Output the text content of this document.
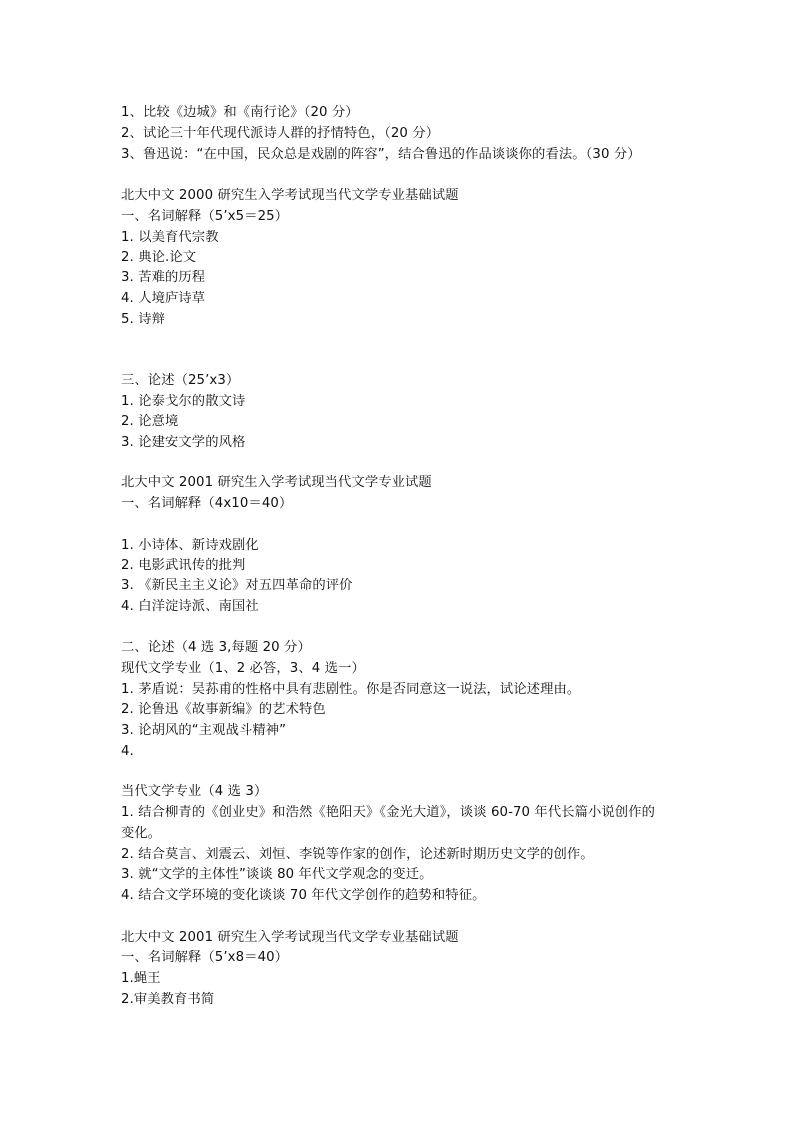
1、比较《边城》和《南行论》（20 分）
2、试论三十年代现代派诗人群的抒情特色，（20 分）
3、鲁迅说：“在中国，民众总是戏剧的阵容”，结合鲁迅的作品谈谈你的看法。（30 分）
北大中文 2000 研究生入学考试现当代文学专业基础试题
一、名词解释（5’x5＝25）
1. 以美育代宗教
2. 典论.论文
3. 苦难的历程
4. 人境庐诗草
5. 诗辩
三、论述（25’x3）
1. 论泰戈尔的散文诗
2. 论意境
3. 论建安文学的风格
北大中文 2001 研究生入学考试现当代文学专业试题
一、名词解释（4x10＝40）
1. 小诗体、新诗戏剧化
2. 电影武讯传的批判
3. 《新民主主义论》对五四革命的评价
4. 白洋淀诗派、南国社
二、论述（4 选 3,每题 20 分）
现代文学专业（1、2 必答，3、4 选一）
1. 茅盾说：吴荪甫的性格中具有悲剧性。你是否同意这一说法，试论述理由。
2. 论鲁迅《故事新编》的艺术特色
3. 论胡风的“主观战斗精神”
4.
当代文学专业（4 选 3）
1. 结合柳青的《创业史》和浩然《艳阳天》《金光大道》，谈谈 60-70 年代长篇小说创作的
变化。
2. 结合莫言、刘震云、刘恒、李锐等作家的创作，论述新时期历史文学的创作。
3. 就“文学的主体性”谈谈 80 年代文学观念的变迁。
4. 结合文学环境的变化谈谈 70 年代文学创作的趋势和特征。
北大中文 2001 研究生入学考试现当代文学专业基础试题
一、名词解释（5’x8＝40）
1.蝇王
2.审美教育书简
